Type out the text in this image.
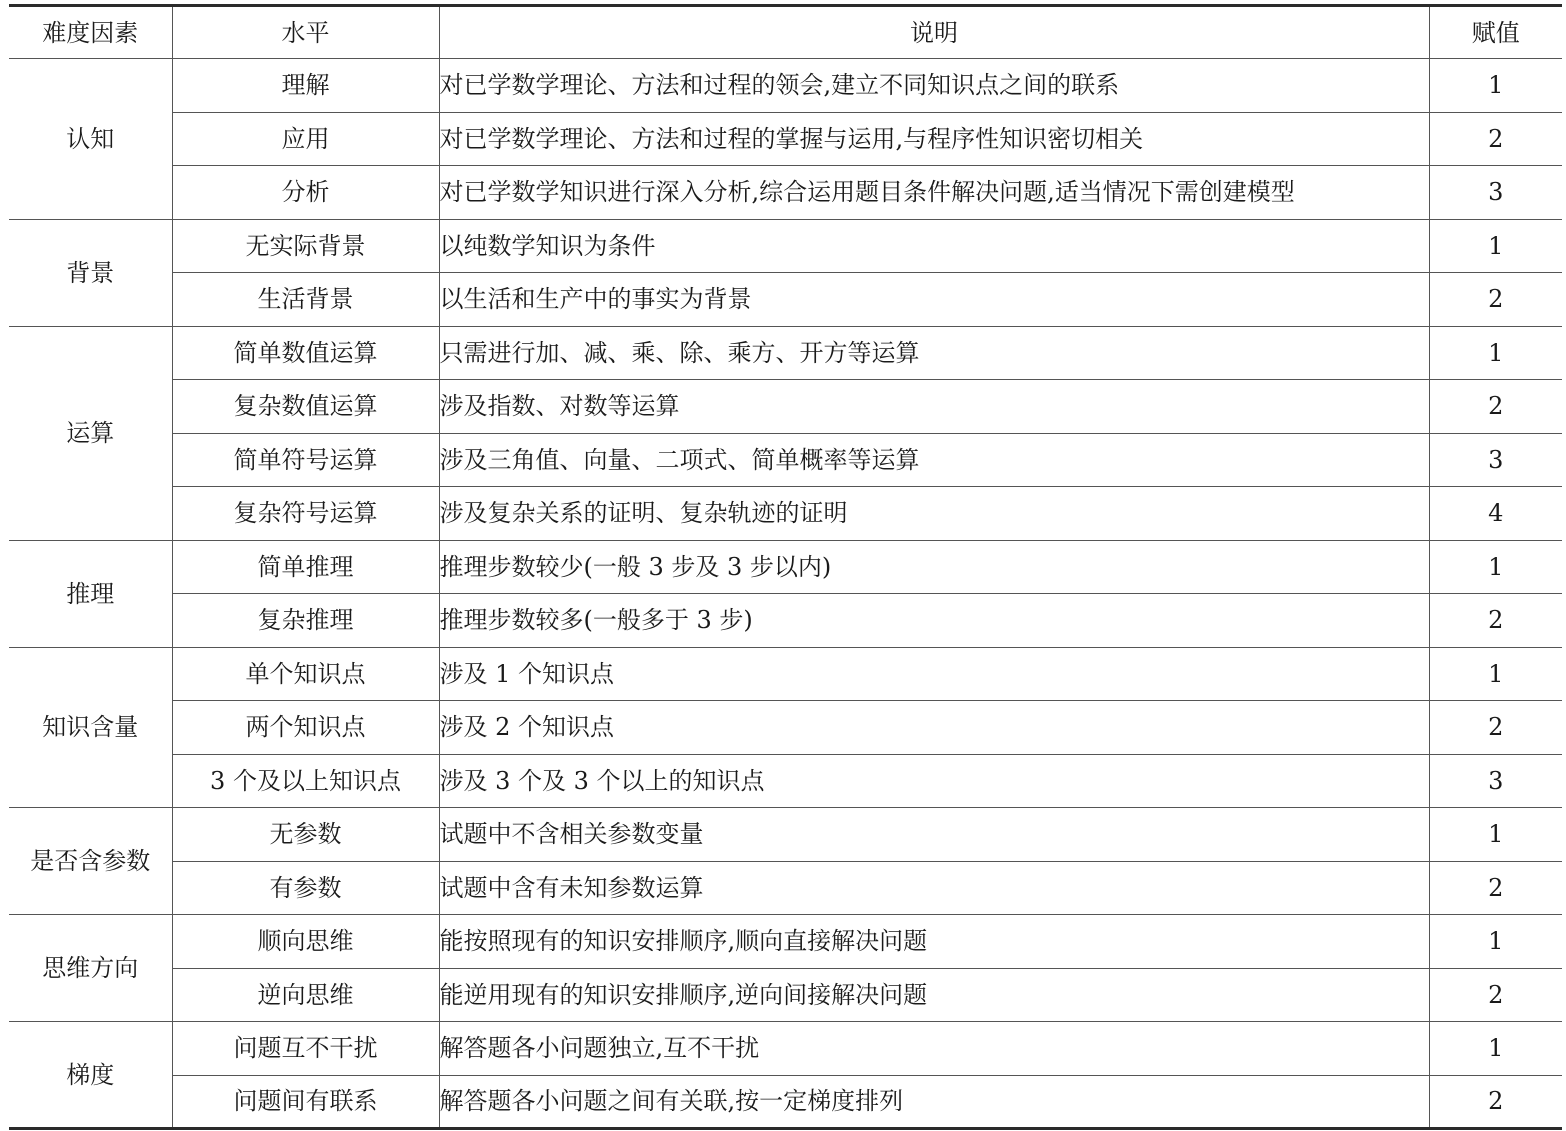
难度因素	水平	说明	赋值
认知	理解	对已学数学理论、方法和过程的领会,建立不同知识点之间的联系	1
	应用	对已学数学理论、方法和过程的掌握与运用,与程序性知识密切相关	2
	分析	对已学数学知识进行深入分析,综合运用题目条件解决问题,适当情况下需创建模型	3
背景	无实际背景	以纯数学知识为条件	1
	生活背景	以生活和生产中的事实为背景	2
运算	简单数值运算	只需进行加、减、乘、除、乘方、开方等运算	1
	复杂数值运算	涉及指数、对数等运算	2
	简单符号运算	涉及三角值、向量、二项式、简单概率等运算	3
	复杂符号运算	涉及复杂关系的证明、复杂轨迹的证明	4
推理	简单推理	推理步数较少(一般 3 步及 3 步以内)	1
	复杂推理	推理步数较多(一般多于 3 步)	2
知识含量	单个知识点	涉及 1 个知识点	1
	两个知识点	涉及 2 个知识点	2
	3 个及以上知识点	涉及 3 个及 3 个以上的知识点	3
是否含参数	无参数	试题中不含相关参数变量	1
	有参数	试题中含有未知参数运算	2
思维方向	顺向思维	能按照现有的知识安排顺序,顺向直接解决问题	1
	逆向思维	能逆用现有的知识安排顺序,逆向间接解决问题	2
梯度	问题互不干扰	解答题各小问题独立,互不干扰	1
	问题间有联系	解答题各小问题之间有关联,按一定梯度排列	2
